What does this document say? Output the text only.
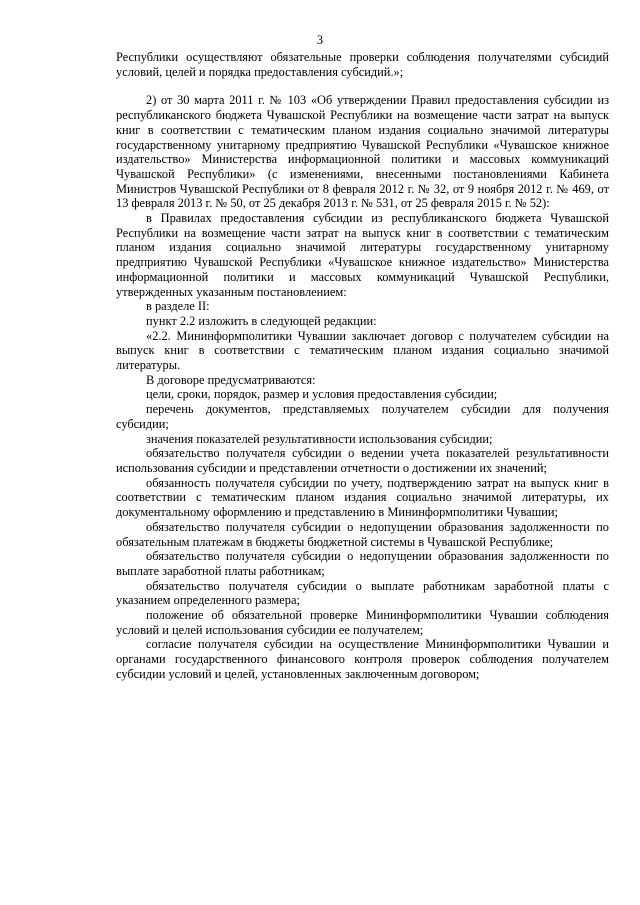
3

Республики осуществляют обязательные проверки соблюдения получателями субсидий условий, целей и порядка предоставления субсидий.»;

2) от 30 марта 2011 г. № 103 «Об утверждении Правил предоставления субсидии из республиканского бюджета Чувашской Республики на возмещение части затрат на выпуск книг в соответствии с тематическим планом издания социально значимой литературы государственному унитарному предприятию Чувашской Республики «Чувашское книжное издательство» Министерства информационной политики и массовых коммуникаций Чувашской Республики» (с изменениями, внесенными постановлениями Кабинета Министров Чувашской Республики от 8 февраля 2012 г. № 32, от 9 ноября 2012 г. № 469, от 13 февраля 2013 г. № 50, от 25 декабря 2013 г. № 531, от 25 февраля 2015 г. № 52):

в Правилах предоставления субсидии из республиканского бюджета Чувашской Республики на возмещение части затрат на выпуск книг в соответствии с тематическим планом издания социально значимой литературы государственному унитарному предприятию Чувашской Республики «Чувашское книжное издательство» Министерства информационной политики и массовых коммуникаций Чувашской Республики, утвержденных указанным постановлением:

в разделе II:

пункт 2.2 изложить в следующей редакции:

«2.2. Мининформполитики Чувашии заключает договор с получателем субсидии на выпуск книг в соответствии с тематическим планом издания социально значимой литературы.

В договоре предусматриваются:

цели, сроки, порядок, размер и условия предоставления субсидии;

перечень документов, представляемых получателем субсидии для получения субсидии;

значения показателей результативности использования субсидии;

обязательство получателя субсидии о ведении учета показателей результативности использования субсидии и представлении отчетности о достижении их значений;

обязанность получателя субсидии по учету, подтверждению затрат на выпуск книг в соответствии с тематическим планом издания социально значимой литературы, их документальному оформлению и представлению в Мининформполитики Чувашии;

обязательство получателя субсидии о недопущении образования задолженности по обязательным платежам в бюджеты бюджетной системы в Чувашской Республике;

обязательство получателя субсидии о недопущении образования задолженности по выплате заработной платы работникам;

обязательство получателя субсидии о выплате работникам заработной платы с указанием определенного размера;

положение об обязательной проверке Мининформполитики Чувашии соблюдения условий и целей использования субсидии ее получателем;

согласие получателя субсидии на осуществление Мининформполитики Чувашии и органами государственного финансового контроля проверок соблюдения получателем субсидии условий и целей, установленных заключенным договором;
